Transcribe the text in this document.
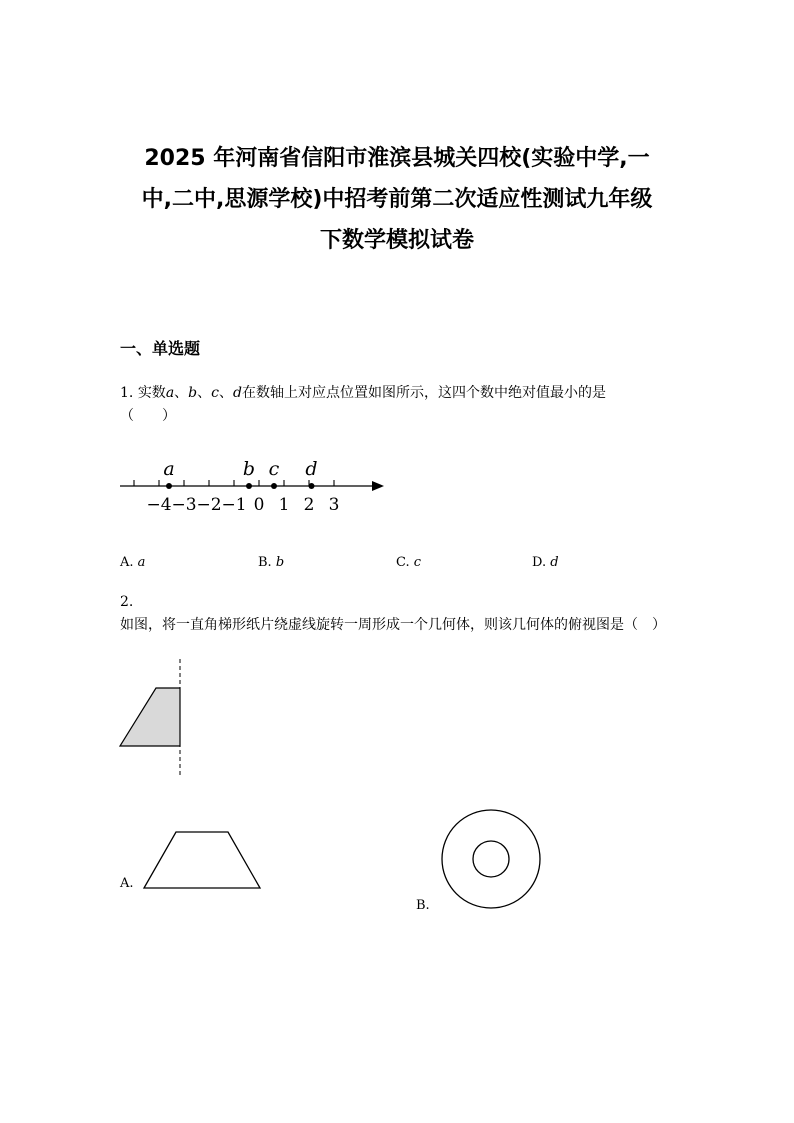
2025 年河南省信阳市淮滨县城关四校(实验中学,一
中,二中,思源学校)中招考前第二次适应性测试九年级
下数学模拟试卷
一、单选题
1. 实数a、b、c、d在数轴上对应点位置如图所示，这四个数中绝对值最小的是
（　　）
−4 −3 −2 −1 0 1 2 3
a	b c d
A. a	B. b	C. c	D. d
2. 如图，将一直角梯形纸片绕虚线旋转一周形成一个几何体，则该几何体的俯视图是（　）
A.
B.
